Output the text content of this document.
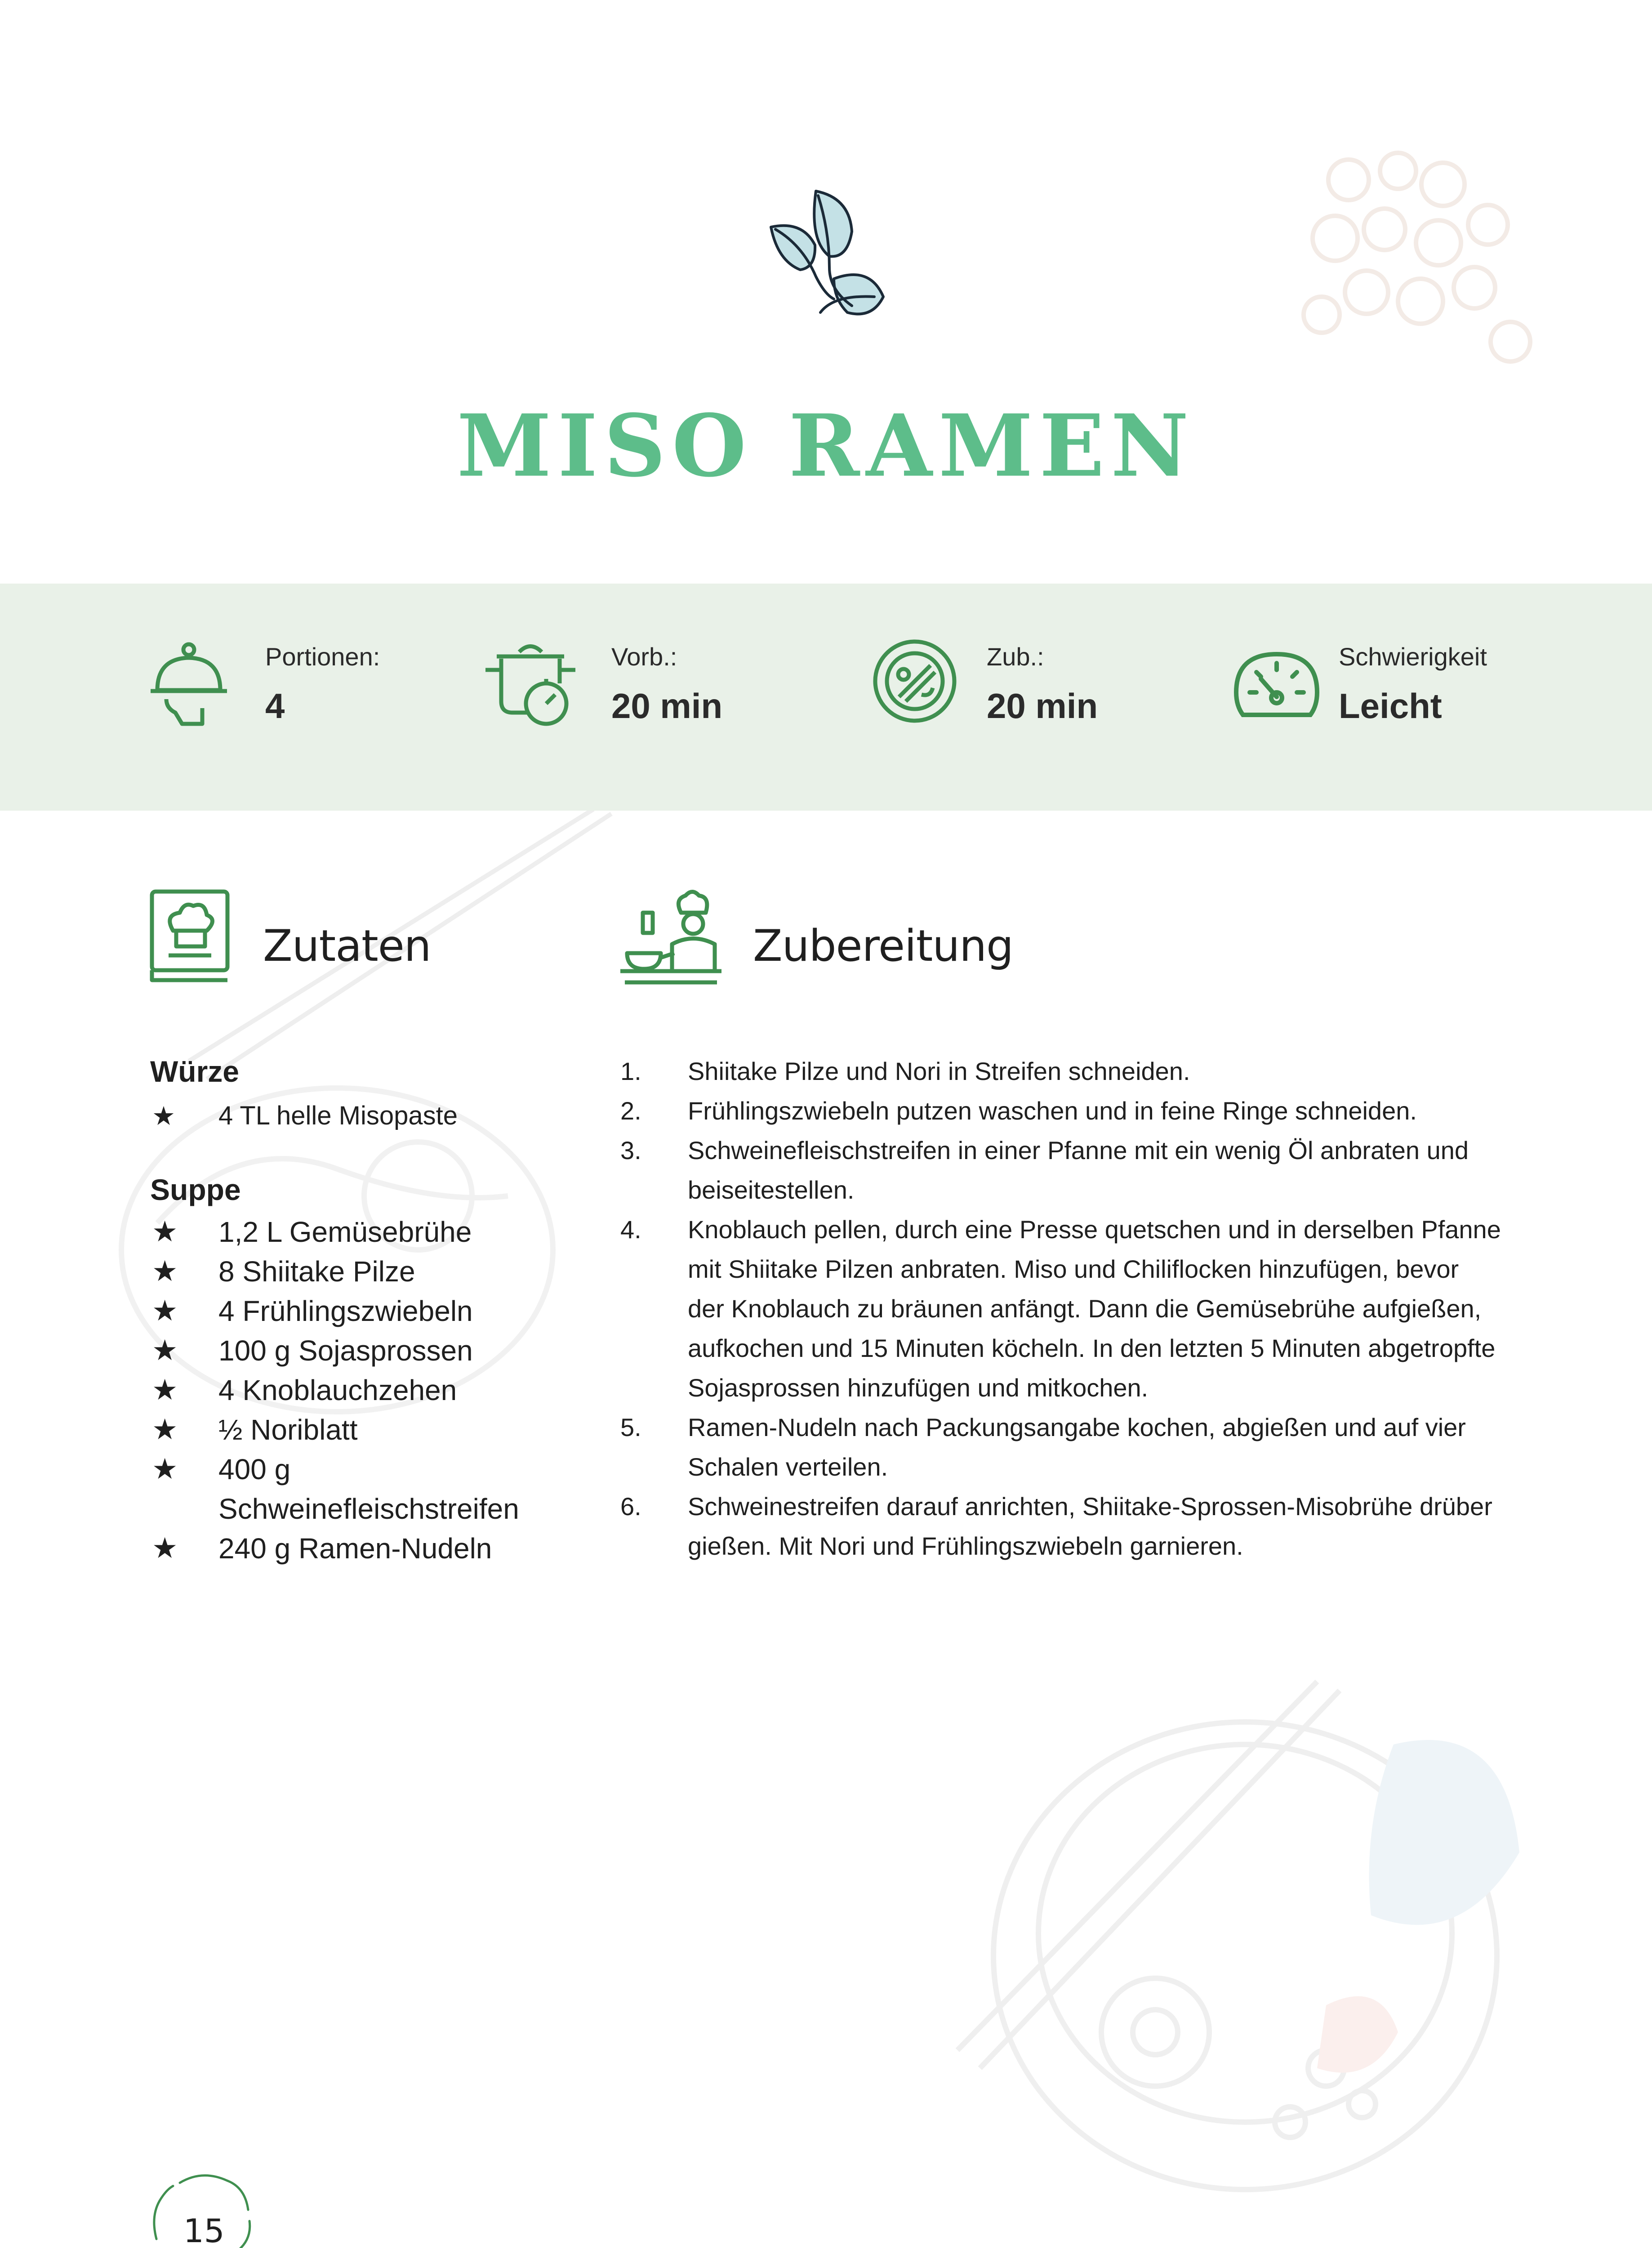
MISO RAMEN
Portionen:
4
Vorb.:
20 min
Zub.:
20 min
Schwierigkeit
Leicht
Zutaten	Zubereitung
Würze
★ 4 TL helle Misopaste
Suppe
★ 1,2 L Gemüsebrühe
★ 8 Shiitake Pilze
★ 4 Frühlingszwiebeln
★ 100 g Sojasprossen
★ 4 Knoblauchzehen
★ ½ Noriblatt
★ 400 g Schweinefleischstreifen
★ 240 g Ramen-Nudeln
1. Shiitake Pilze und Nori in Streifen schneiden.
2. Frühlingszwiebeln putzen waschen und in feine Ringe schneiden.
3. Schweinefleischstreifen in einer Pfanne mit ein wenig Öl anbraten und beiseitestellen.
4. Knoblauch pellen, durch eine Presse quetschen und in derselben Pfanne mit Shiitake Pilzen anbraten. Miso und Chiliflocken hinzufügen, bevor der Knoblauch zu bräunen anfängt. Dann die Gemüsebrühe aufgießen, aufkochen und 15 Minuten köcheln. In den letzten 5 Minuten abgetropfte Sojasprossen hinzufügen und mitkochen.
5. Ramen-Nudeln nach Packungsangabe kochen, abgießen und auf vier Schalen verteilen.
6. Schweinestreifen darauf anrichten, Shiitake-Sprossen-Misobrühe drüber gießen. Mit Nori und Frühlingszwiebeln garnieren.
15
